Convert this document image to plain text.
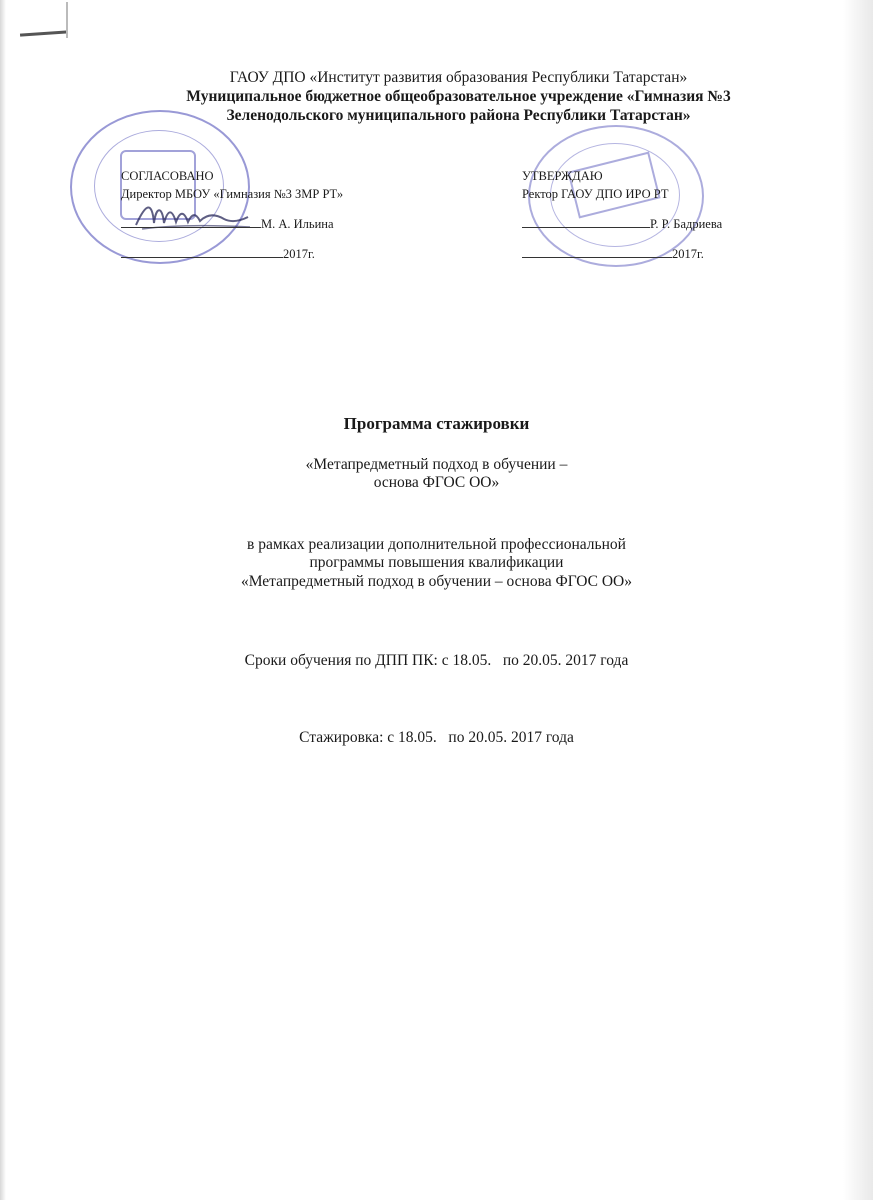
ГАОУ ДПО «Институт развития образования Республики Татарстан»
Муниципальное бюджетное общеобразовательное учреждение «Гимназия №3
Зеленодольского муниципального района Республики Татарстан»
СОГЛАСОВАНО
Директор МБОУ «Гимназия №3 ЗМР РТ»
М. А. Ильина
2017г.
УТВЕРЖДАЮ
Ректор ГАОУ ДПО ИРО РТ
Р. Р. Бадриева
2017г.
Программа стажировки
«Метапредметный подход в обучении –
основа ФГОС ОО»
в рамках реализации дополнительной профессиональной
программы повышения квалификации
«Метапредметный подход в обучении – основа ФГОС ОО»
Сроки обучения по ДПП ПК: с 18.05.   по 20.05. 2017 года
Стажировка: с 18.05.   по 20.05. 2017 года
